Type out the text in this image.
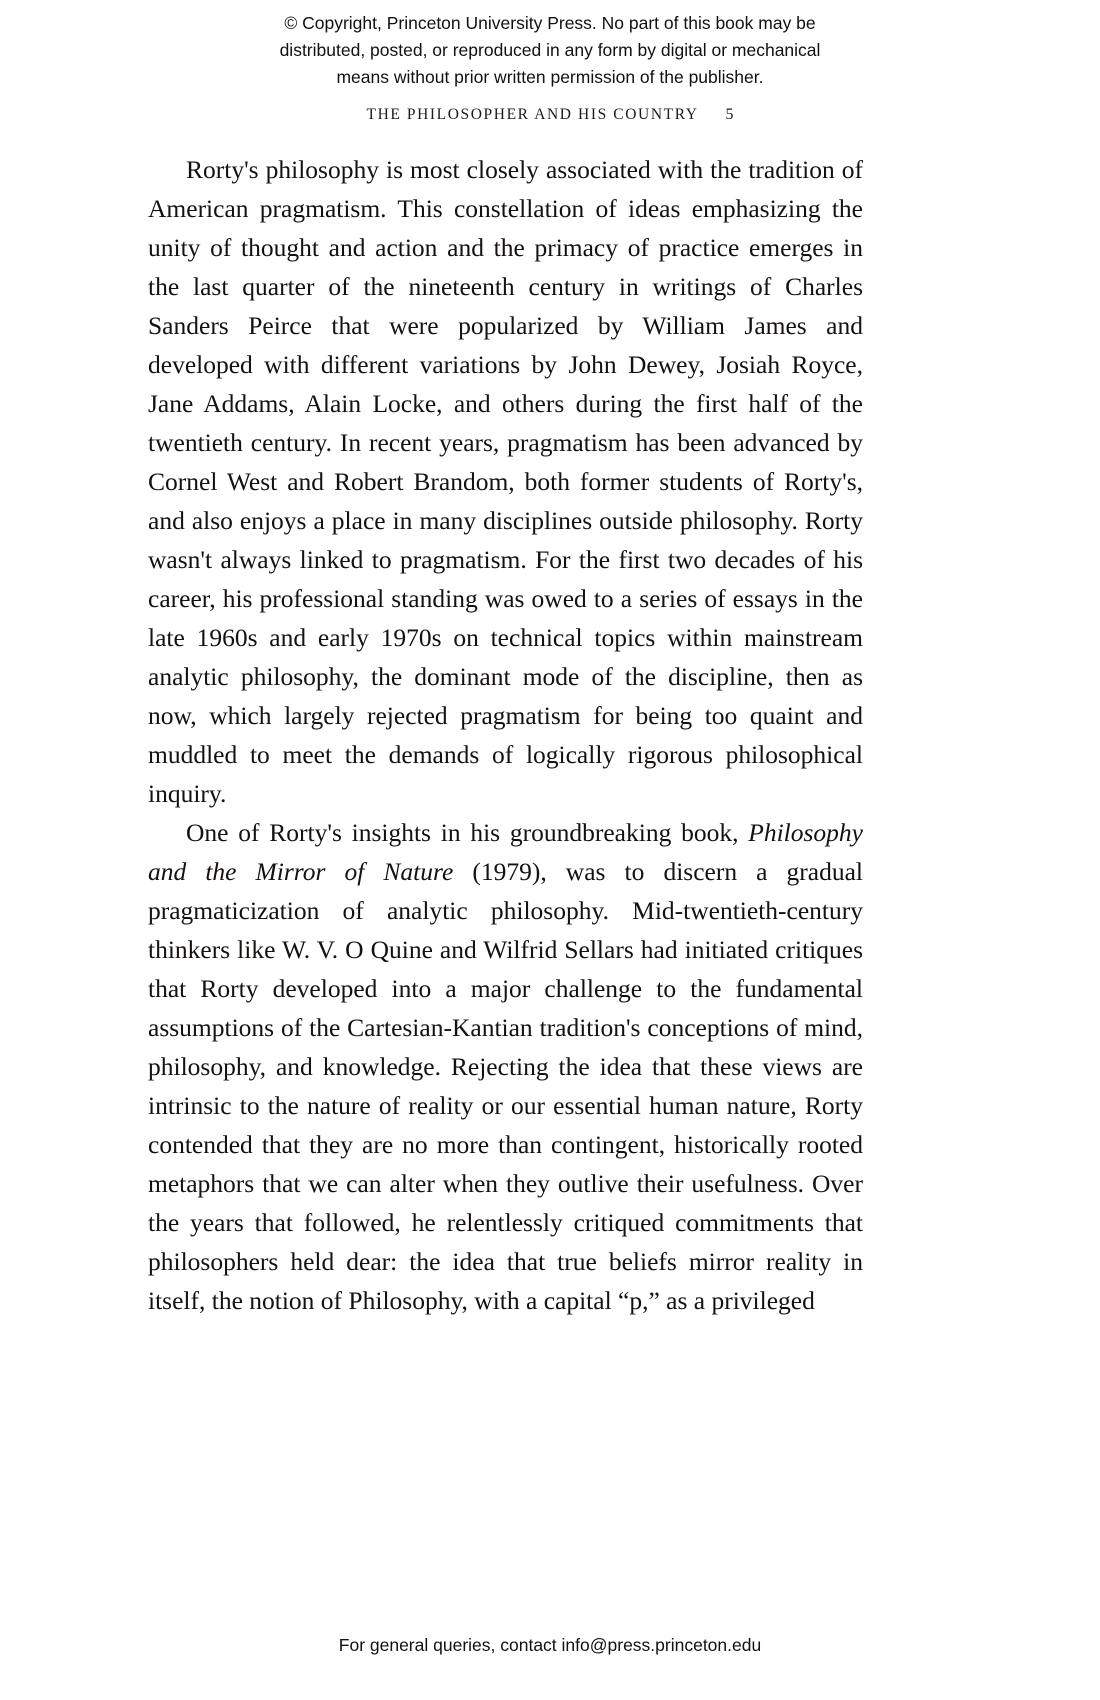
© Copyright, Princeton University Press. No part of this book may be
distributed, posted, or reproduced in any form by digital or mechanical
means without prior written permission of the publisher.
THE PHILOSOPHER AND HIS COUNTRY 5

Rorty's philosophy is most closely associated with the tradition of American pragmatism. This constellation of ideas emphasizing the unity of thought and action and the primacy of practice emerges in the last quarter of the nineteenth century in writings of Charles Sanders Peirce that were popularized by William James and developed with different variations by John Dewey, Josiah Royce, Jane Addams, Alain Locke, and others during the first half of the twentieth century. In recent years, pragmatism has been advanced by Cornel West and Robert Brandom, both former students of Rorty's, and also enjoys a place in many disciplines outside philosophy. Rorty wasn't always linked to pragmatism. For the first two decades of his career, his professional standing was owed to a series of essays in the late 1960s and early 1970s on technical topics within mainstream analytic philosophy, the dominant mode of the discipline, then as now, which largely rejected pragmatism for being too quaint and muddled to meet the demands of logically rigorous philosophical inquiry.

One of Rorty's insights in his groundbreaking book, Philosophy and the Mirror of Nature (1979), was to discern a gradual pragmaticization of analytic philosophy. Mid-twentieth-century thinkers like W. V. O Quine and Wilfrid Sellars had initiated critiques that Rorty developed into a major challenge to the fundamental assumptions of the Cartesian-Kantian tradition's conceptions of mind, philosophy, and knowledge. Rejecting the idea that these views are intrinsic to the nature of reality or our essential human nature, Rorty contended that they are no more than contingent, historically rooted metaphors that we can alter when they outlive their usefulness. Over the years that followed, he relentlessly critiqued commitments that philosophers held dear: the idea that true beliefs mirror reality in itself, the notion of Philosophy, with a capital “p,” as a privileged

For general queries, contact info@press.princeton.edu
